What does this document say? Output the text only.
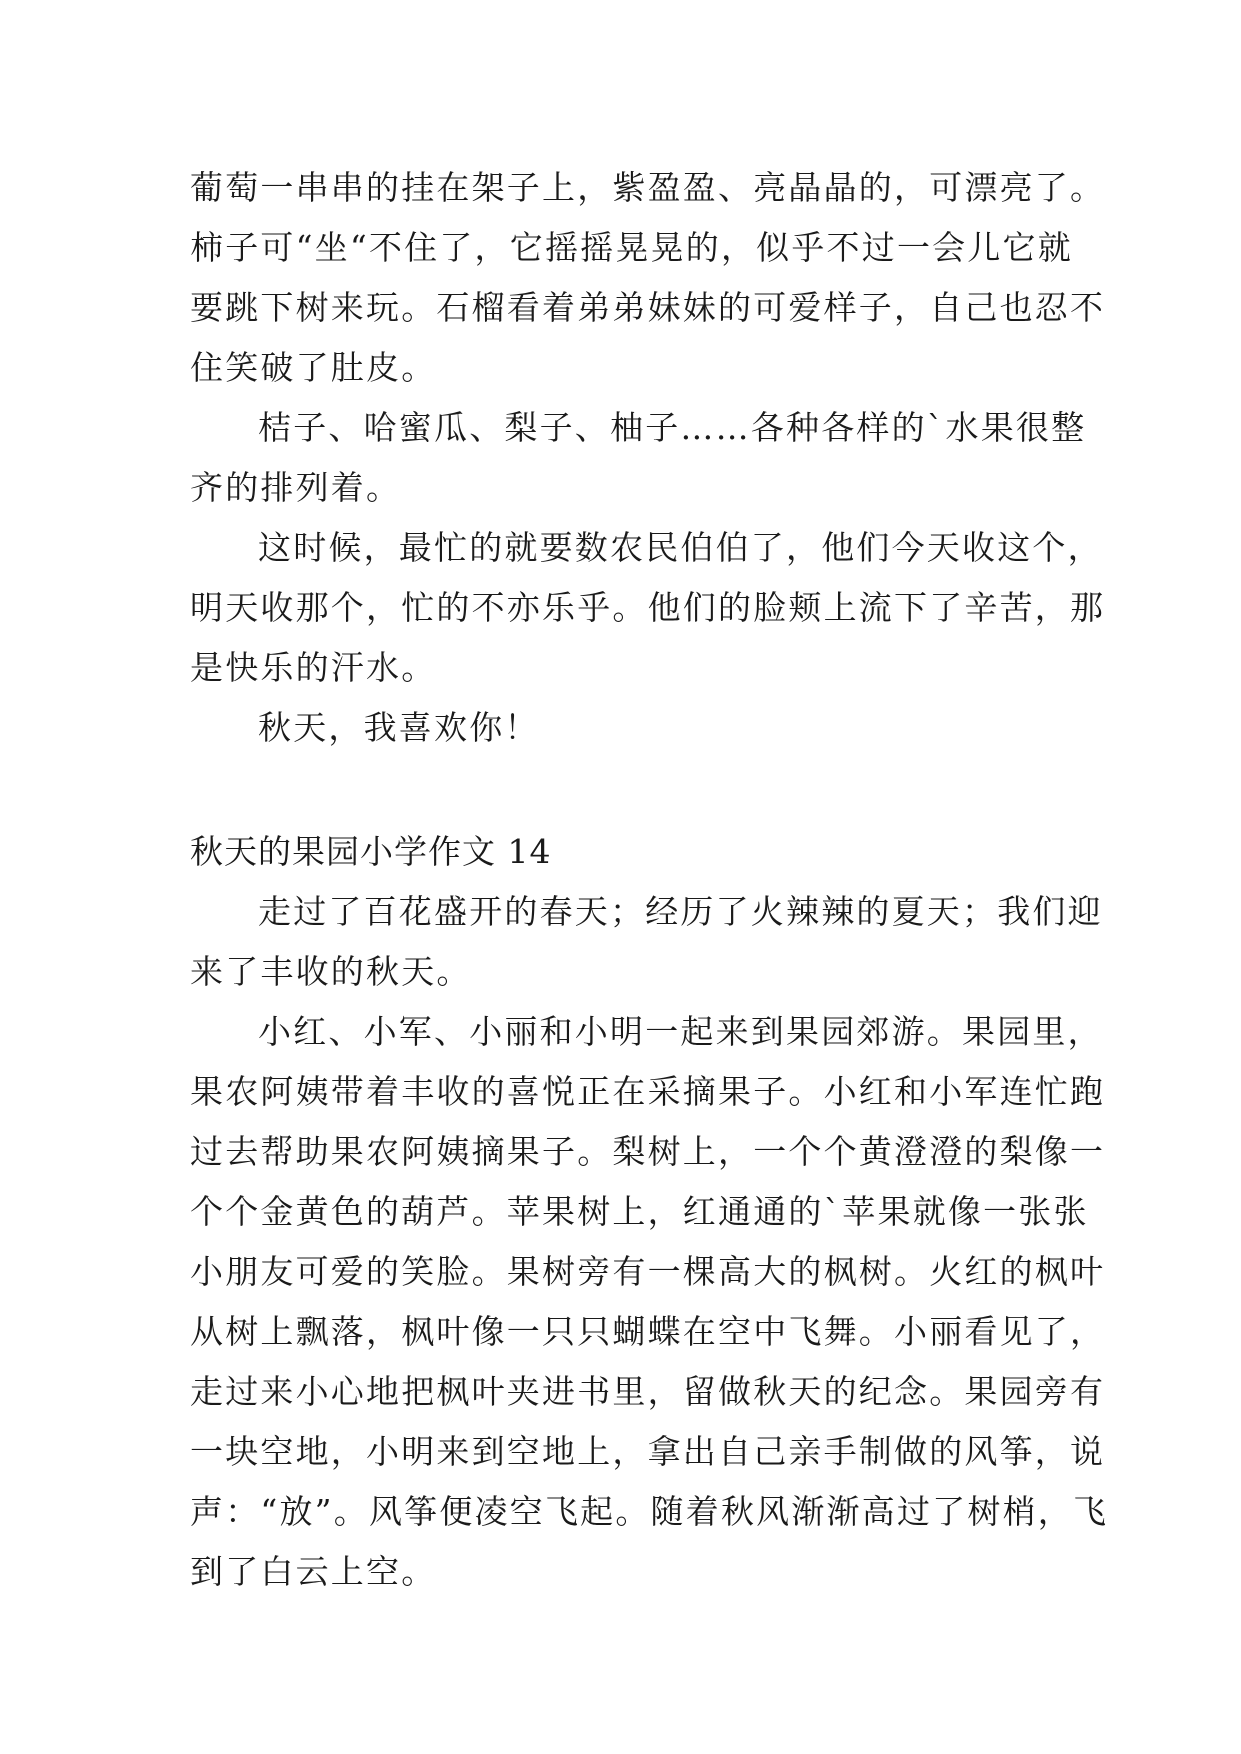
葡萄一串串的挂在架子上，紫盈盈、亮晶晶的，可漂亮了。

柿子可“坐“不住了，它摇摇晃晃的，似乎不过一会儿它就

要跳下树来玩。石榴看着弟弟妹妹的可爱样子，自己也忍不

住笑破了肚皮。

桔子、哈蜜瓜、梨子、柚子……各种各样的`水果很整

齐的排列着。

这时候，最忙的就要数农民伯伯了，他们今天收这个，

明天收那个，忙的不亦乐乎。他们的脸颊上流下了辛苦，那

是快乐的汗水。

秋天，我喜欢你！

秋天的果园小学作文 14

走过了百花盛开的春天；经历了火辣辣的夏天；我们迎

来了丰收的秋天。

小红、小军、小丽和小明一起来到果园郊游。果园里，

果农阿姨带着丰收的喜悦正在采摘果子。小红和小军连忙跑

过去帮助果农阿姨摘果子。梨树上，一个个黄澄澄的梨像一

个个金黄色的葫芦。苹果树上，红通通的`苹果就像一张张

小朋友可爱的笑脸。果树旁有一棵高大的枫树。火红的枫叶

从树上飘落，枫叶像一只只蝴蝶在空中飞舞。小丽看见了，

走过来小心地把枫叶夹进书里，留做秋天的纪念。果园旁有

一块空地，小明来到空地上，拿出自己亲手制做的风筝，说

声：“放”。风筝便凌空飞起。随着秋风渐渐高过了树梢，飞

到了白云上空。
